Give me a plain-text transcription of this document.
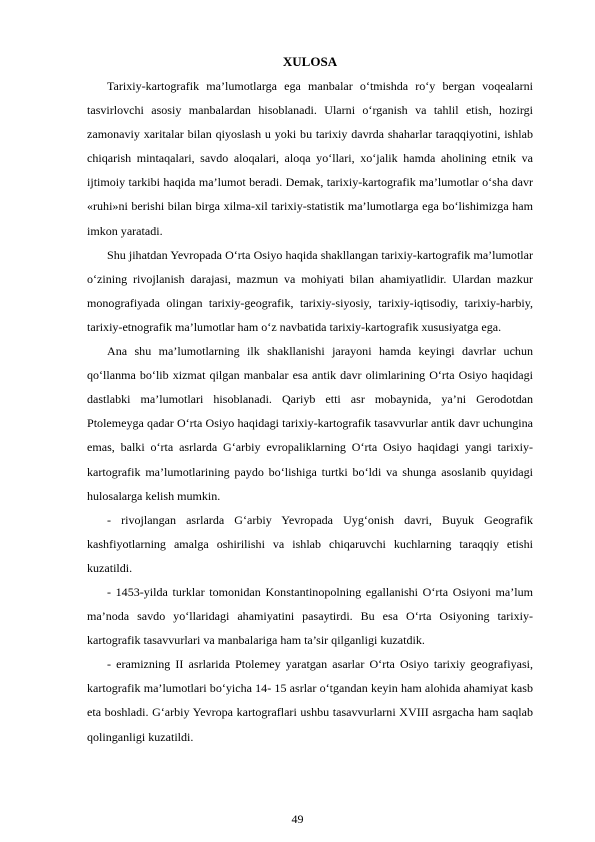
XULOSA

Tarixiy-kartografik ma’lumotlarga ega manbalar o‘tmishda ro‘y bergan voqealarni tasvirlovchi asosiy manbalardan hisoblanadi. Ularni o‘rganish va tahlil etish, hozirgi zamonaviy xaritalar bilan qiyoslash u yoki bu tarixiy davrda shaharlar taraqqiyotini, ishlab chiqarish mintaqalari, savdo aloqalari, aloqa yo‘llari, xo‘jalik hamda aholining etnik va ijtimoiy tarkibi haqida ma’lumot beradi. Demak, tarixiy-kartografik ma’lumotlar o‘sha davr «ruhi»ni berishi bilan birga xilma-xil tarixiy-statistik ma’lumotlarga ega bo‘lishimizga ham imkon yaratadi.

Shu jihatdan Yevropada O‘rta Osiyo haqida shakllangan tarixiy-kartografik ma’lumotlar o‘zining rivojlanish darajasi, mazmun va mohiyati bilan ahamiyatlidir. Ulardan mazkur monografiyada olingan tarixiy-geografik, tarixiy-siyosiy, tarixiy-iqtisodiy, tarixiy-harbiy, tarixiy-etnografik ma’lumotlar ham o‘z navbatida tarixiy-kartografik xususiyatga ega.

Ana shu ma’lumotlarning ilk shakllanishi jarayoni hamda keyingi davrlar uchun qo‘llanma bo‘lib xizmat qilgan manbalar esa antik davr olimlarining O‘rta Osiyo haqidagi dastlabki ma’lumotlari hisoblanadi. Qariyb etti asr mobaynida, ya’ni Gerodotdan Ptolemeyga qadar O‘rta Osiyo haqidagi tarixiy-kartografik tasavvurlar antik davr uchungina emas, balki o‘rta asrlarda G‘arbiy evropaliklarning O‘rta Osiyo haqidagi yangi tarixiy-kartografik ma’lumotlarining paydo bo‘lishiga turtki bo‘ldi va shunga asoslanib quyidagi hulosalarga kelish mumkin.

- rivojlangan asrlarda G‘arbiy Yevropada Uyg‘onish davri, Buyuk Geografik kashfiyotlarning amalga oshirilishi va ishlab chiqaruvchi kuchlarning taraqqiy etishi kuzatildi.

- 1453-yilda turklar tomonidan Konstantinopolning egallanishi O‘rta Osiyoni ma’lum ma’noda savdo yo‘llaridagi ahamiyatini pasaytirdi. Bu esa O‘rta Osiyoning tarixiy-kartografik tasavvurlari va manbalariga ham ta’sir qilganligi kuzatdik.

- eramizning II asrlarida Ptolemey yaratgan asarlar O‘rta Osiyo tarixiy geografiyasi, kartografik ma’lumotlari bo‘yicha 14- 15 asrlar o‘tgandan keyin ham alohida ahamiyat kasb eta boshladi. G‘arbiy Yevropa kartograflari ushbu tasavvurlarni XVIII asrgacha ham saqlab qolinganligi kuzatildi.

49
